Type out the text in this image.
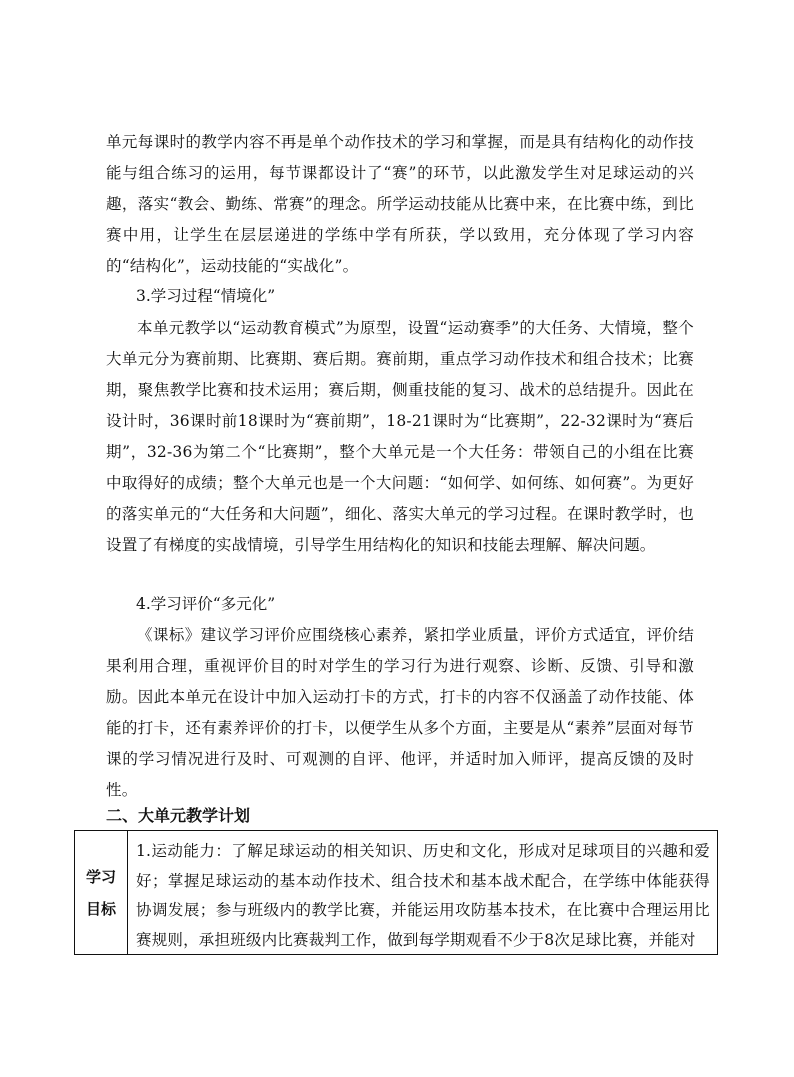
单元每课时的教学内容不再是单个动作技术的学习和掌握，而是具有结构化的动作技能与组合练习的运用，每节课都设计了“赛”的环节，以此激发学生对足球运动的兴趣，落实“教会、勤练、常赛”的理念。所学运动技能从比赛中来，在比赛中练，到比赛中用，让学生在层层递进的学练中学有所获，学以致用，充分体现了学习内容的“结构化”，运动技能的“实战化”。

3.学习过程“情境化”

本单元教学以“运动教育模式”为原型，设置“运动赛季”的大任务、大情境，整个大单元分为赛前期、比赛期、赛后期。赛前期，重点学习动作技术和组合技术；比赛期，聚焦教学比赛和技术运用；赛后期，侧重技能的复习、战术的总结提升。因此在设计时，36课时前18课时为“赛前期”，18-21课时为“比赛期”，22-32课时为“赛后期”，32-36为第二个“比赛期”，整个大单元是一个大任务：带领自己的小组在比赛中取得好的成绩；整个大单元也是一个大问题：“如何学、如何练、如何赛”。为更好的落实单元的“大任务和大问题”，细化、落实大单元的学习过程。在课时教学时，也设置了有梯度的实战情境，引导学生用结构化的知识和技能去理解、解决问题。

4.学习评价“多元化”

《课标》建议学习评价应围绕核心素养，紧扣学业质量，评价方式适宜，评价结果利用合理，重视评价目的时对学生的学习行为进行观察、诊断、反馈、引导和激励。因此本单元在设计中加入运动打卡的方式，打卡的内容不仅涵盖了动作技能、体能的打卡，还有素养评价的打卡，以便学生从多个方面，主要是从“素养”层面对每节课的学习情况进行及时、可观测的自评、他评，并适时加入师评，提高反馈的及时性。

二、大单元教学计划

学习
目标
1.运动能力：了解足球运动的相关知识、历史和文化，形成对足球项目的兴趣和爱好；掌握足球运动的基本动作技术、组合技术和基本战术配合，在学练中体能获得协调发展；参与班级内的教学比赛，并能运用攻防基本技术，在比赛中合理运用比赛规则，承担班级内比赛裁判工作，做到每学期观看不少于8次足球比赛，并能对
